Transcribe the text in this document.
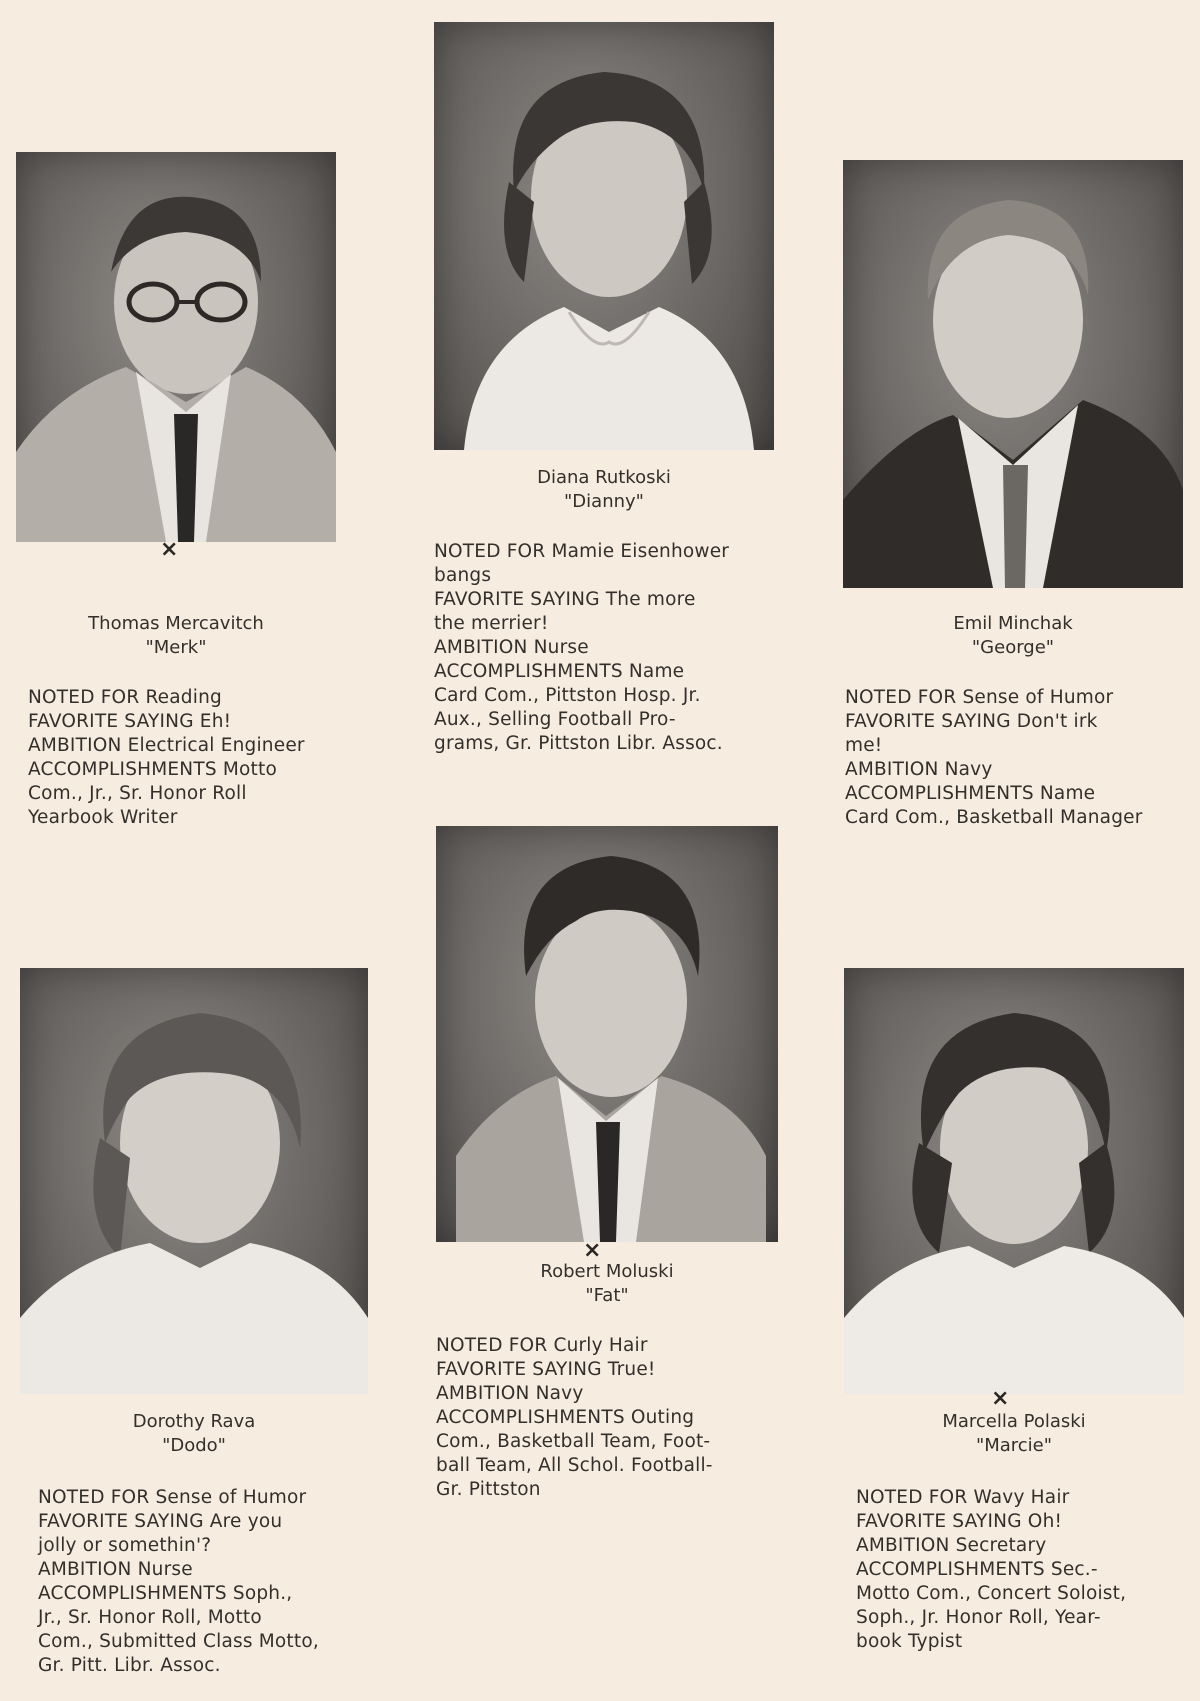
×
Thomas Mercavitch
"Merk"
NOTED FOR Reading
FAVORITE SAYING Eh!
AMBITION Electrical Engineer
ACCOMPLISHMENTS Motto
Com., Jr., Sr. Honor Roll
Yearbook Writer
Diana Rutkoski
"Dianny"
NOTED FOR Mamie Eisenhower
bangs
FAVORITE SAYING The more
the merrier!
AMBITION Nurse
ACCOMPLISHMENTS Name
Card Com., Pittston Hosp. Jr.
Aux., Selling Football Pro-
grams, Gr. Pittston Libr. Assoc.
Emil Minchak
"George"
NOTED FOR Sense of Humor
FAVORITE SAYING Don't irk
me!
AMBITION Navy
ACCOMPLISHMENTS Name
Card Com., Basketball Manager
Dorothy Rava
"Dodo"
NOTED FOR Sense of Humor
FAVORITE SAYING Are you
jolly or somethin'?
AMBITION Nurse
ACCOMPLISHMENTS Soph.,
Jr., Sr. Honor Roll, Motto
Com., Submitted Class Motto,
Gr. Pitt. Libr. Assoc.
×
Robert Moluski
"Fat"
NOTED FOR Curly Hair
FAVORITE SAYING True!
AMBITION Navy
ACCOMPLISHMENTS Outing
Com., Basketball Team, Foot-
ball Team, All Schol. Football-
Gr. Pittston
×
Marcella Polaski
"Marcie"
NOTED FOR Wavy Hair
FAVORITE SAYING Oh!
AMBITION Secretary
ACCOMPLISHMENTS Sec.-
Motto Com., Concert Soloist,
Soph., Jr. Honor Roll, Year-
book Typist
